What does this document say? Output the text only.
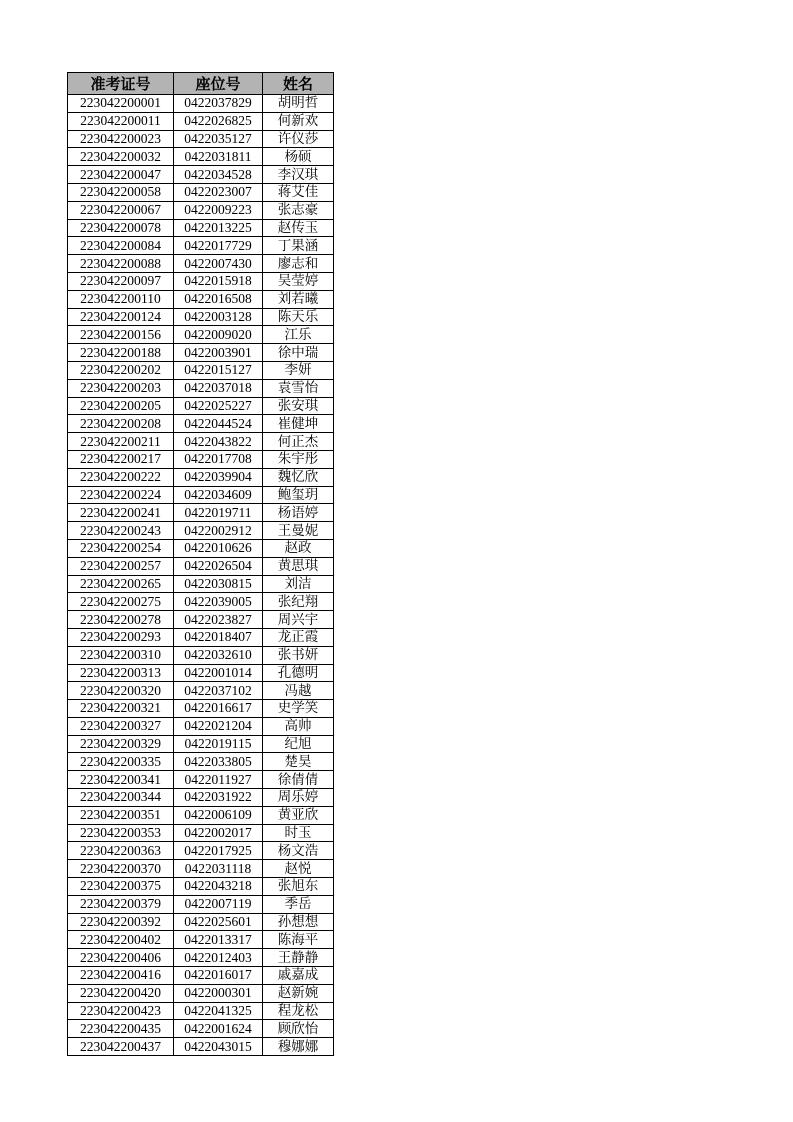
准考证号	座位号	姓名
223042200001	0422037829	胡明哲
223042200011	0422026825	何新欢
223042200023	0422035127	许仪莎
223042200032	0422031811	杨硕
223042200047	0422034528	李汉琪
223042200058	0422023007	蒋艾佳
223042200067	0422009223	张志豪
223042200078	0422013225	赵传玉
223042200084	0422017729	丁果涵
223042200088	0422007430	廖志和
223042200097	0422015918	吴莹婷
223042200110	0422016508	刘若曦
223042200124	0422003128	陈天乐
223042200156	0422009020	江乐
223042200188	0422003901	徐中瑞
223042200202	0422015127	李妍
223042200203	0422037018	袁雪怡
223042200205	0422025227	张安琪
223042200208	0422044524	崔健坤
223042200211	0422043822	何正杰
223042200217	0422017708	朱宇彤
223042200222	0422039904	魏忆欣
223042200224	0422034609	鲍玺玥
223042200241	0422019711	杨语婷
223042200243	0422002912	王曼妮
223042200254	0422010626	赵政
223042200257	0422026504	黄思琪
223042200265	0422030815	刘洁
223042200275	0422039005	张纪翔
223042200278	0422023827	周兴宇
223042200293	0422018407	龙正霞
223042200310	0422032610	张书妍
223042200313	0422001014	孔德明
223042200320	0422037102	冯越
223042200321	0422016617	史学笑
223042200327	0422021204	高帅
223042200329	0422019115	纪旭
223042200335	0422033805	楚昊
223042200341	0422011927	徐倩倩
223042200344	0422031922	周乐婷
223042200351	0422006109	黄亚欣
223042200353	0422002017	时玉
223042200363	0422017925	杨文浩
223042200370	0422031118	赵悦
223042200375	0422043218	张旭东
223042200379	0422007119	季岳
223042200392	0422025601	孙想想
223042200402	0422013317	陈海平
223042200406	0422012403	王静静
223042200416	0422016017	戚嘉成
223042200420	0422000301	赵新婉
223042200423	0422041325	程龙松
223042200435	0422001624	顾欣怡
223042200437	0422043015	穆娜娜
